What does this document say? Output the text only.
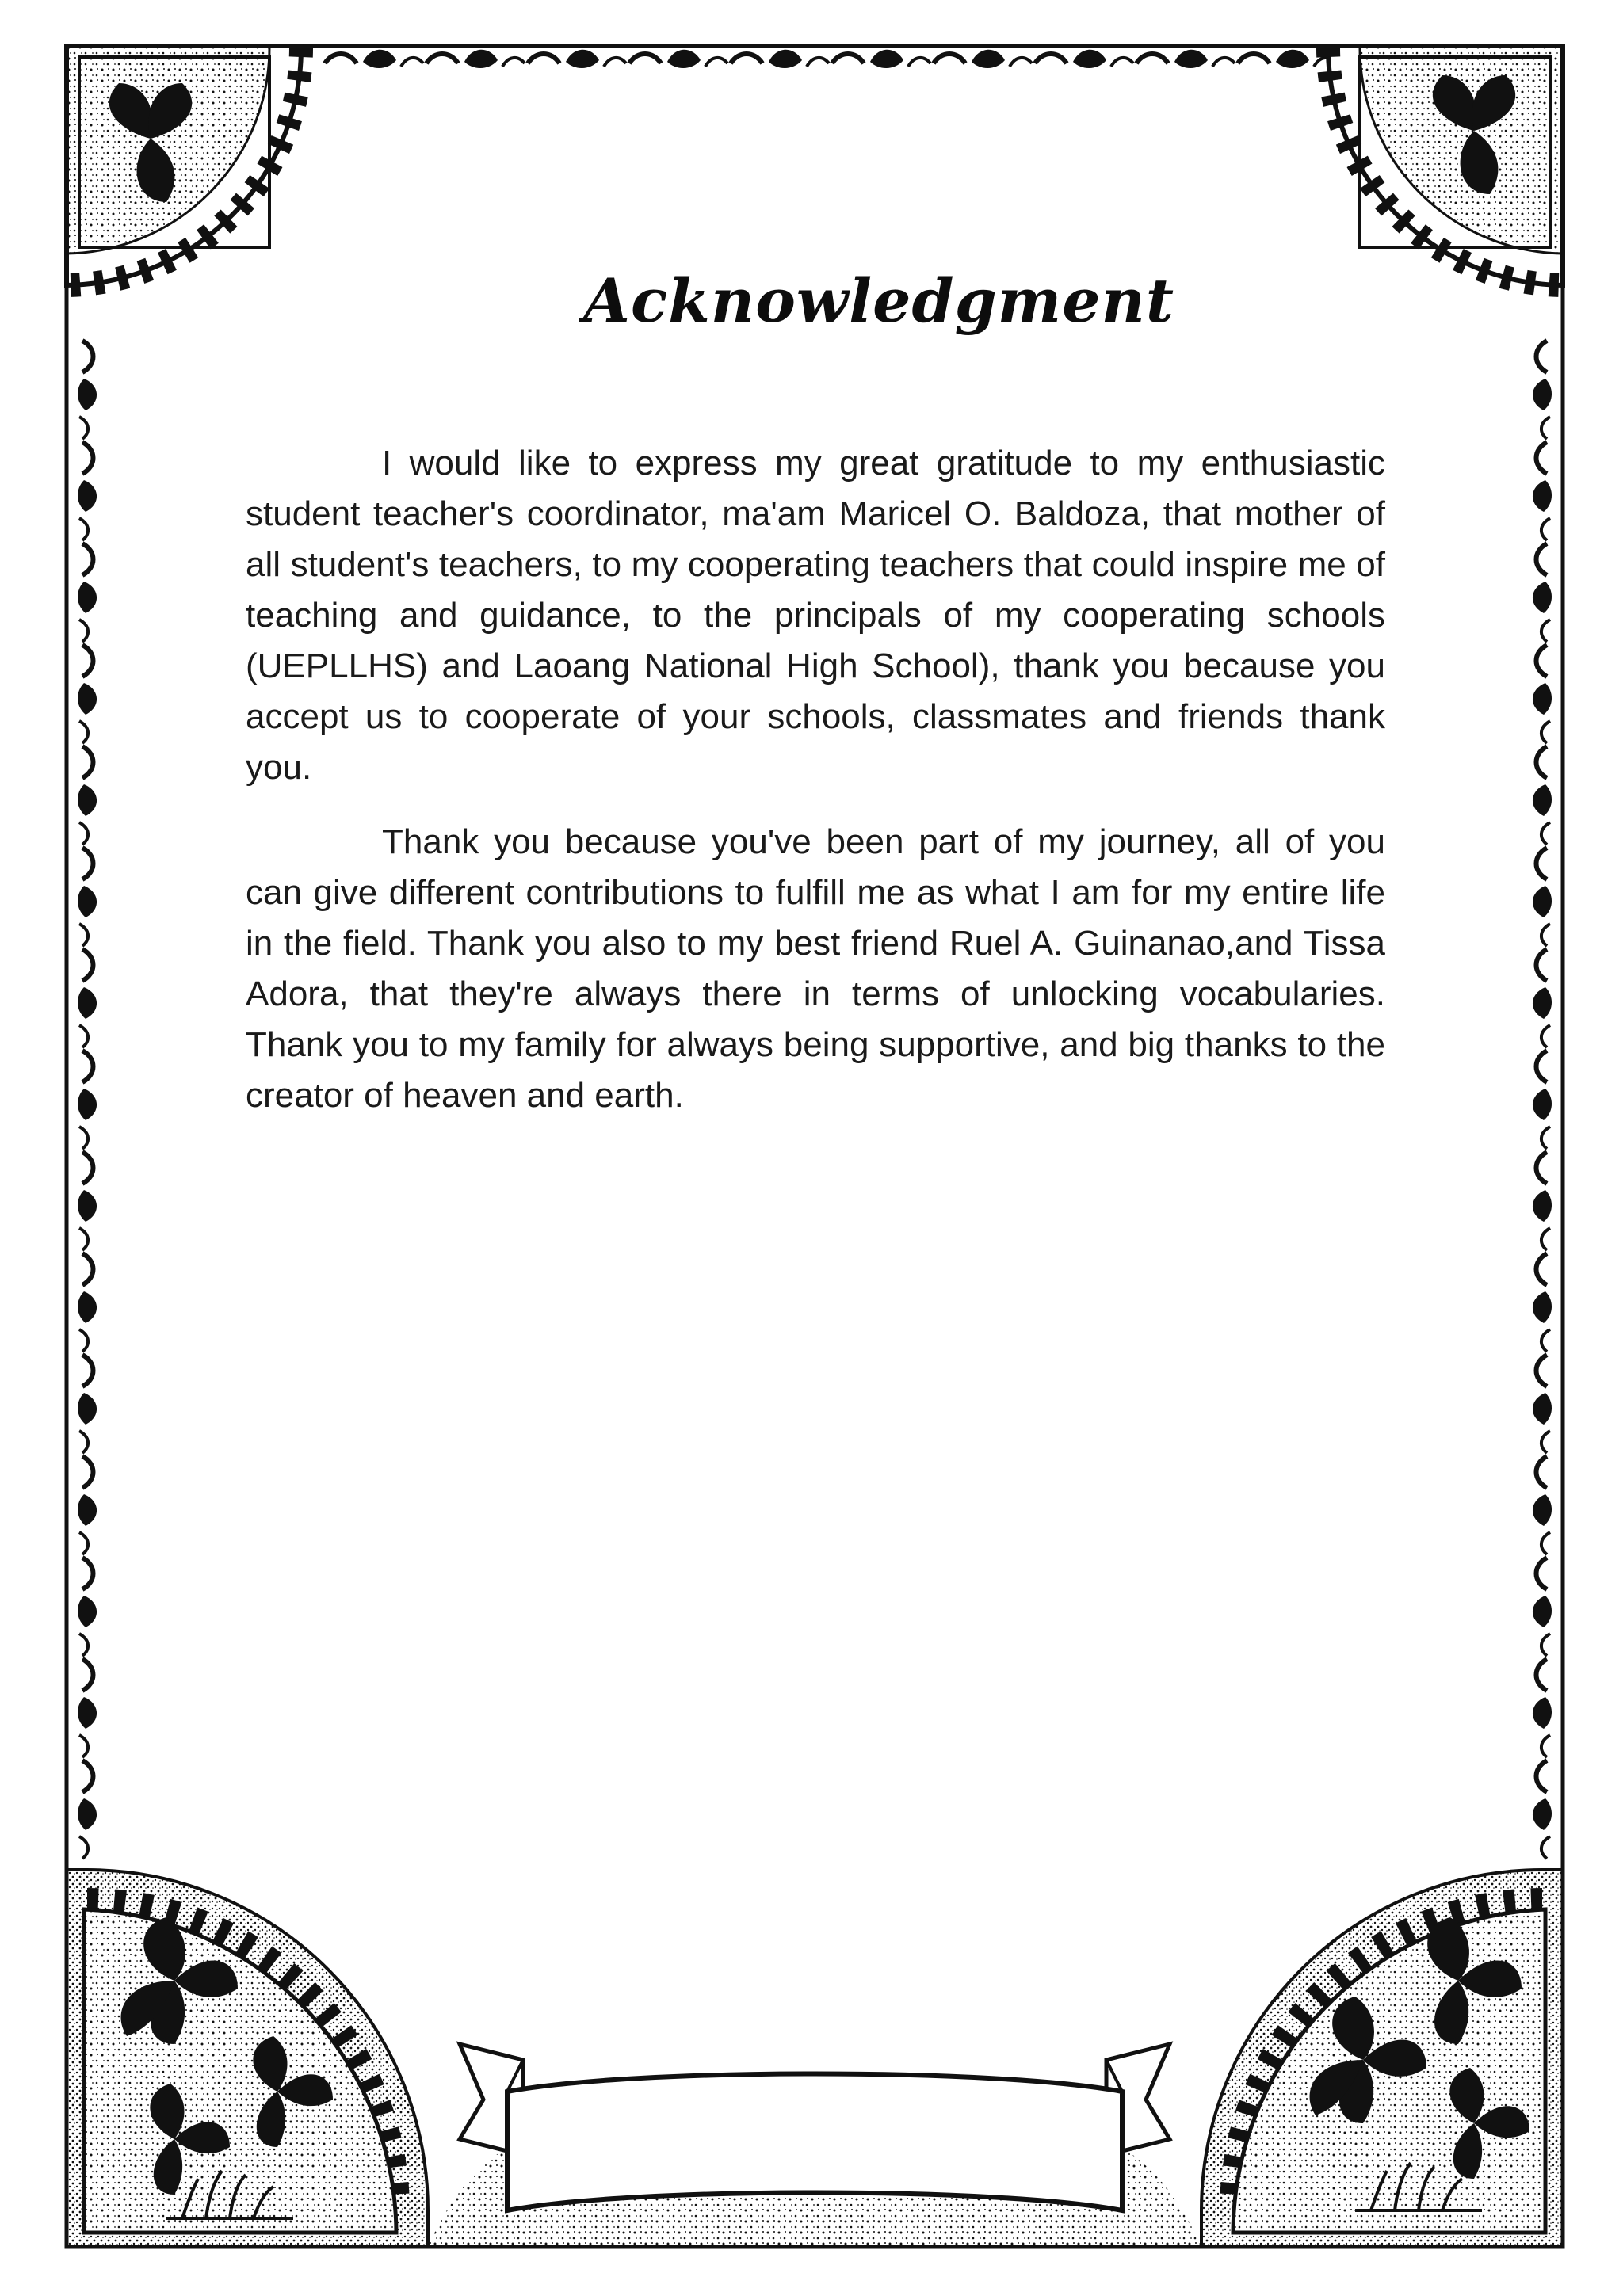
Acknowledgment

I would like to express my great gratitude to my enthusiastic student teacher's coordinator, ma'am Maricel O. Baldoza, that mother of all student's teachers, to my cooperating teachers that could inspire me of teaching and guidance, to the principals of my cooperating schools (UEPLLHS) and Laoang National High School), thank you because you accept us to cooperate of your schools, classmates and friends thank you.

Thank you because you've been part of my journey, all of you can give different contributions to fulfill me as what I am for my entire life in the field. Thank you also to my best friend Ruel A. Guinanao,and Tissa Adora, that they're always there in terms of unlocking vocabularies. Thank you to my family for always being supportive, and big thanks to the creator of heaven and earth.
